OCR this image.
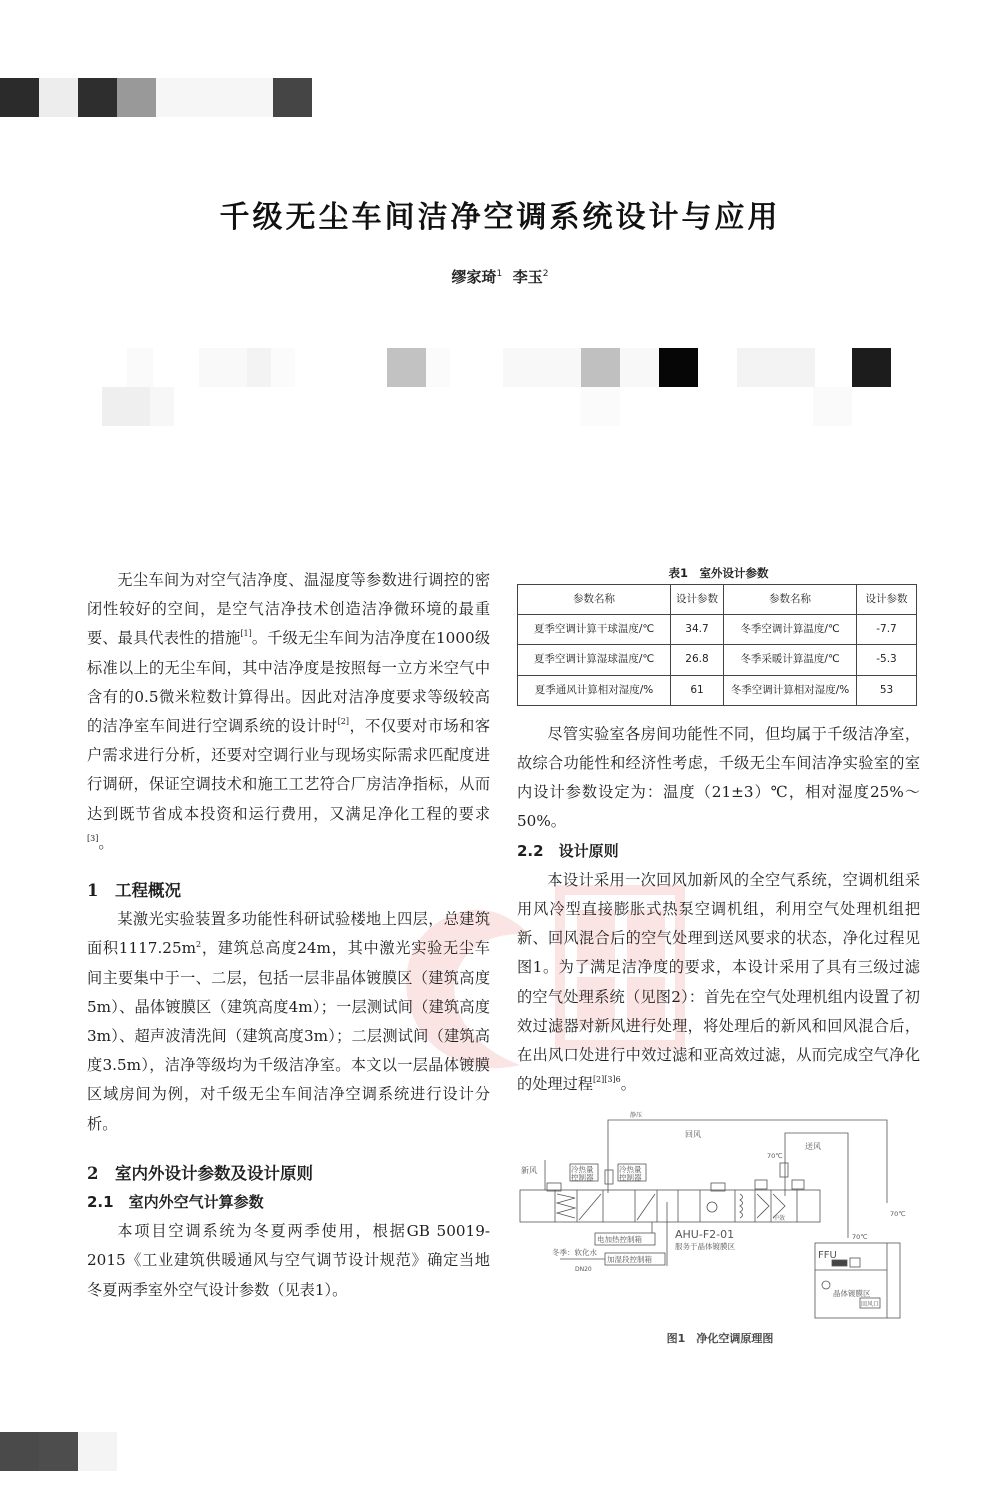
千级无尘车间洁净空调系统设计与应用
缪家琦$^1$ 李玉$^2$

无尘车间为对空气洁净度、温湿度等参数进行调控的密闭性较好的空间，是空气洁净技术创造洁净微环境的最重要、最具代表性的措施[1]。千级无尘车间为洁净度在1000级标准以上的无尘车间，其中洁净度是按照每一立方米空气中含有的0.5微米粒数计算得出。因此对洁净度要求等级较高的洁净室车间进行空调系统的设计时[2]，不仅要对市场和客户需求进行分析，还要对空调行业与现场实际需求匹配度进行调研，保证空调技术和施工工艺符合厂房洁净指标，从而达到既节省成本投资和运行费用，又满足净化工程的要求[3]。

1　工程概况

某激光实验装置多功能性科研试验楼地上四层，总建筑面积$1117.25m^2$，建筑总高度24m，其中激光实验无尘车间主要集中于一、二层，包括一层非晶体镀膜区（建筑高度5m）、晶体镀膜区（建筑高度4m）；一层测试间（建筑高度3m）、超声波清洗间（建筑高度3m）；二层测试间（建筑高度3.5m），洁净等级均为千级洁净室。本文以一层晶体镀膜区域房间为例，对千级无尘车间洁净空调系统进行设计分析。

2　室内外设计参数及设计原则
2.1　室内外空气计算参数

本项目空调系统为冬夏两季使用，根据GB 50019-2015《工业建筑供暖通风与空气调节设计规范》确定当地冬夏两季室外空气设计参数（见表1）。

表1　室外设计参数
参数名称	设计参数	参数名称	设计参数
夏季空调计算干球温度/℃	34.7	冬季空调计算温度/℃	-7.7
夏季空调计算湿球温度/℃	26.8	冬季采暖计算温度/℃	-5.3
夏季通风计算相对湿度/%	61	冬季空调计算相对湿度/%	53

尽管实验室各房间功能性不同，但均属于千级洁净室，故综合功能性和经济性考虑，千级无尘车间洁净实验室的室内设计参数设定为：温度（21±3）℃，相对湿度25%～50%。

2.2　设计原则

本设计采用一次回风加新风的全空气系统，空调机组采用风冷型直接膨胀式热泵空调机组，利用空气处理机组把新、回风混合后的空气处理到送风要求的状态，净化过程见图1。为了满足洁净度的要求，本设计采用了具有三级过滤的空气处理系统（见图2）：首先在空气处理机组内设置了初效过滤器对新风进行处理，将处理后的新风和回风混合后，在出风口处进行中效过滤和亚高效过滤，从而完成空气净化的处理过程$^{[2][3]6}$。

回风
送风
新风	冷热量
控制器
冷热量
控制器
电加热控制箱
加湿段控制箱
冬季：软化水
DN20
AHU-F2-01
服务于晶体镀膜区
70℃
70℃
70℃
FFU
晶体镀膜区
回风口
静压
中效
图1　净化空调原理图
